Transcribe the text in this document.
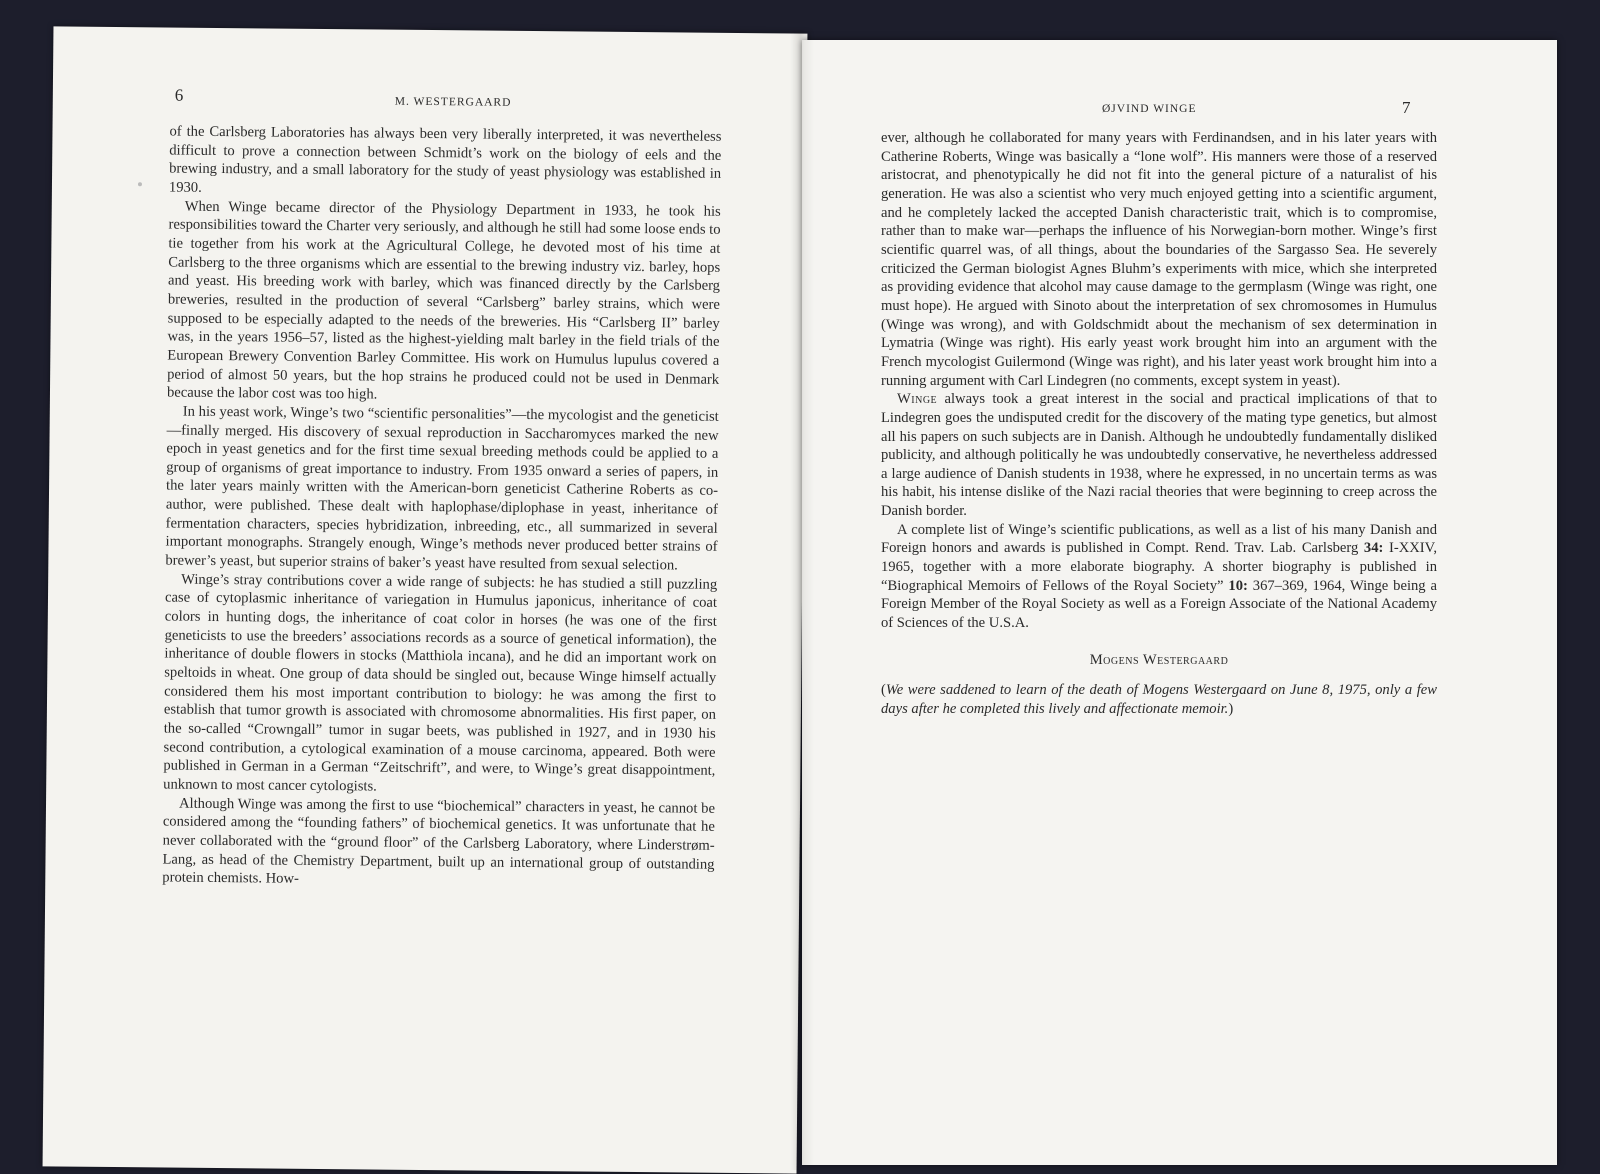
6	M. WESTERGAARD

of the Carlsberg Laboratories has always been very liberally interpreted, it was nevertheless difficult to prove a connection between Schmidt’s work on the biology of eels and the brewing industry, and a small laboratory for the study of yeast physiology was established in 1930.

When Winge became director of the Physiology Department in 1933, he took his responsibilities toward the Charter very seriously, and although he still had some loose ends to tie together from his work at the Agricultural College, he devoted most of his time at Carlsberg to the three organisms which are essential to the brewing industry viz. barley, hops and yeast. His breeding work with barley, which was financed directly by the Carlsberg breweries, resulted in the production of several “Carlsberg” barley strains, which were supposed to be especially adapted to the needs of the breweries. His “Carlsberg II” barley was, in the years 1956–57, listed as the highest-yielding malt barley in the field trials of the European Brewery Convention Barley Committee. His work on Humulus lupulus covered a period of almost 50 years, but the hop strains he produced could not be used in Denmark because the labor cost was too high.

In his yeast work, Winge’s two “scientific personalities”—the mycologist and the geneticist—finally merged. His discovery of sexual reproduction in Saccharomyces marked the new epoch in yeast genetics and for the first time sexual breeding methods could be applied to a group of organisms of great importance to industry. From 1935 onward a series of papers, in the later years mainly written with the American-born geneticist Catherine Roberts as co-author, were published. These dealt with haplophase/diplophase in yeast, inheritance of fermentation characters, species hybridization, inbreeding, etc., all summarized in several important monographs. Strangely enough, Winge’s methods never produced better strains of brewer’s yeast, but superior strains of baker’s yeast have resulted from sexual selection.

Winge’s stray contributions cover a wide range of subjects: he has studied a still puzzling case of cytoplasmic inheritance of variegation in Humulus japonicus, inheritance of coat colors in hunting dogs, the inheritance of coat color in horses (he was one of the first geneticists to use the breeders’ associations records as a source of genetical information), the inheritance of double flowers in stocks (Matthiola incana), and he did an important work on speltoids in wheat. One group of data should be singled out, because Winge himself actually considered them his most important contribution to biology: he was among the first to establish that tumor growth is associated with chromosome abnormalities. His first paper, on the so-called “Crowngall” tumor in sugar beets, was published in 1927, and in 1930 his second contribution, a cytological examination of a mouse carcinoma, appeared. Both were published in German in a German “Zeitschrift”, and were, to Winge’s great disappointment, unknown to most cancer cytologists.

Although Winge was among the first to use “biochemical” characters in yeast, he cannot be considered among the “founding fathers” of biochemical genetics. It was unfortunate that he never collaborated with the “ground floor” of the Carlsberg Laboratory, where Linderstrøm-Lang, as head of the Chemistry Department, built up an international group of outstanding protein chemists. How-

ØJVIND WINGE	7

ever, although he collaborated for many years with Ferdinandsen, and in his later years with Catherine Roberts, Winge was basically a “lone wolf”. His manners were those of a reserved aristocrat, and phenotypically he did not fit into the general picture of a naturalist of his generation. He was also a scientist who very much enjoyed getting into a scientific argument, and he completely lacked the accepted Danish characteristic trait, which is to compromise, rather than to make war—perhaps the influence of his Norwegian-born mother. Winge’s first scientific quarrel was, of all things, about the boundaries of the Sargasso Sea. He severely criticized the German biologist Agnes Bluhm’s experiments with mice, which she interpreted as providing evidence that alcohol may cause damage to the germplasm (Winge was right, one must hope). He argued with Sinoto about the interpretation of sex chromosomes in Humulus (Winge was wrong), and with Goldschmidt about the mechanism of sex determination in Lymatria (Winge was right). His early yeast work brought him into an argument with the French mycologist Guilermond (Winge was right), and his later yeast work brought him into a running argument with Carl Lindegren (no comments, except system in yeast).

Winge always took a great interest in the social and practical implications of that to Lindegren goes the undisputed credit for the discovery of the mating type genetics, but almost all his papers on such subjects are in Danish. Although he undoubtedly fundamentally disliked publicity, and although politically he was undoubtedly conservative, he nevertheless addressed a large audience of Danish students in 1938, where he expressed, in no uncertain terms as was his habit, his intense dislike of the Nazi racial theories that were beginning to creep across the Danish border.

A complete list of Winge’s scientific publications, as well as a list of his many Danish and Foreign honors and awards is published in Compt. Rend. Trav. Lab. Carlsberg 34: I-XXIV, 1965, together with a more elaborate biography. A shorter biography is published in “Biographical Memoirs of Fellows of the Royal Society” 10: 367–369, 1964, Winge being a Foreign Member of the Royal Society as well as a Foreign Associate of the National Academy of Sciences of the U.S.A.

Mogens Westergaard

(We were saddened to learn of the death of Mogens Westergaard on June 8, 1975, only a few days after he completed this lively and affectionate memoir.)
